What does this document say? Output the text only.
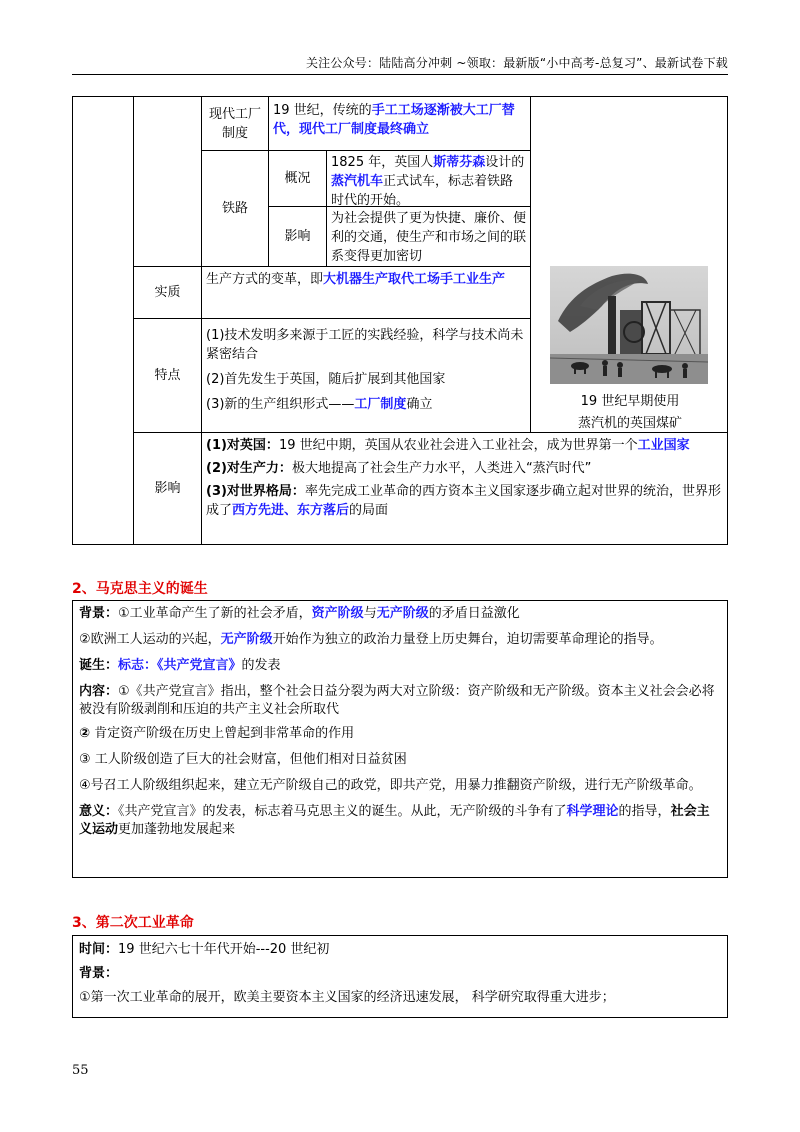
关注公众号：陆陆高分冲刺 ~领取：最新版“小中高考-总复习”、最新试卷下载
现代工厂制度
19 世纪，传统的手工工场逐渐被大工厂替代，现代工厂制度最终确立
铁路
概况
1825 年，英国人斯蒂芬森设计的蒸汽机车正式试车，标志着铁路时代的开始。
影响
为社会提供了更为快捷、廉价、便利的交通，使生产和市场之间的联系变得更加密切
实质
生产方式的变革，即大机器生产取代工场手工业生产
特点
(1)技术发明多来源于工匠的实践经验，科学与技术尚未紧密结合
(2)首先发生于英国，随后扩展到其他国家
(3)新的生产组织形式——工厂制度确立	19 世纪早期使用
蒸汽机的英国煤矿
影响
(1)对英国：19 世纪中期，英国从农业社会进入工业社会，成为世界第一个工业国家
(2)对生产力：极大地提高了社会生产力水平，人类进入“蒸汽时代”
(3)对世界格局：率先完成工业革命的西方资本主义国家逐步确立起对世界的统治，世界形成了西方先进、东方落后的局面
2、马克思主义的诞生
背景：①工业革命产生了新的社会矛盾，资产阶级与无产阶级的矛盾日益激化
②欧洲工人运动的兴起，无产阶级开始作为独立的政治力量登上历史舞台，迫切需要革命理论的指导。
诞生：标志：《共产党宣言》的发表
内容：①《共产党宣言》指出，整个社会日益分裂为两大对立阶级：资产阶级和无产阶级。资本主义社会会必将被没有阶级剥削和压迫的共产主义社会所取代
② 肯定资产阶级在历史上曾起到非常革命的作用
③ 工人阶级创造了巨大的社会财富，但他们相对日益贫困
④号召工人阶级组织起来，建立无产阶级自己的政党，即共产党，用暴力推翻资产阶级，进行无产阶级革命。
意义：《共产党宣言》的发表，标志着马克思主义的诞生。从此，无产阶级的斗争有了科学理论的指导，社会主义运动更加蓬勃地发展起来
3、第二次工业革命
时间：19 世纪六七十年代开始---20 世纪初
背景：
①第一次工业革命的展开，欧美主要资本主义国家的经济迅速发展， 科学研究取得重大进步；
55
